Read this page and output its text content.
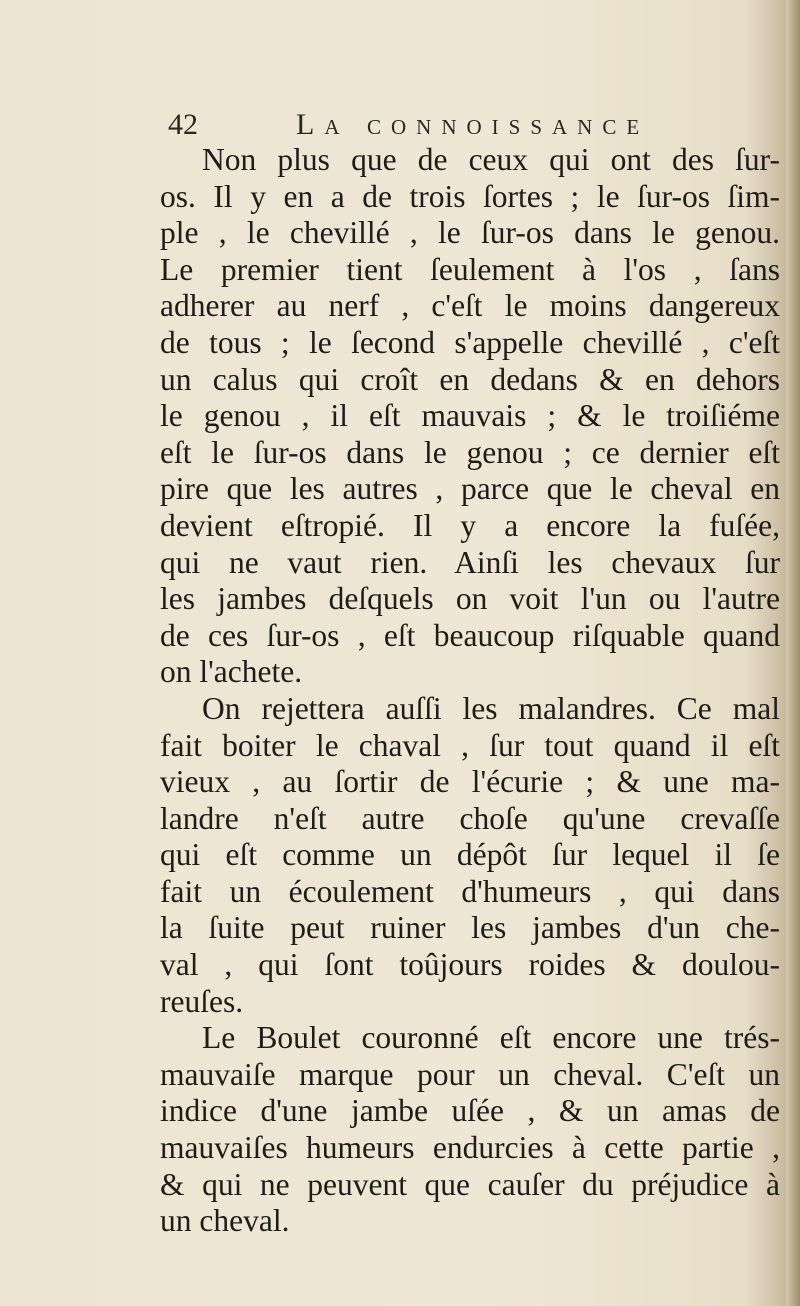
42	La connoissance
Non plus que de ceux qui ont des ſur-
os. Il y en a de trois ſortes ; le ſur-os ſim-
ple , le chevillé , le ſur-os dans le genou.
Le premier tient ſeulement à l'os , ſans
adherer au nerf , c'eſt le moins dangereux
de tous ; le ſecond s'appelle chevillé , c'eſt
un calus qui croît en dedans & en dehors
le genou , il eſt mauvais ; & le troiſiéme
eſt le ſur-os dans le genou ; ce dernier eſt
pire que les autres , parce que le cheval en
devient eſtropié. Il y a encore la fuſée,
qui ne vaut rien. Ainſi les chevaux ſur
les jambes deſquels on voit l'un ou l'autre
de ces ſur-os , eſt beaucoup riſquable quand
on l'achete.
On rejettera auſſi les malandres. Ce mal
fait boiter le chaval , ſur tout quand il eſt
vieux , au ſortir de l'écurie ; & une ma-
landre n'eſt autre choſe qu'une crevaſſe
qui eſt comme un dépôt ſur lequel il ſe
fait un écoulement d'humeurs , qui dans
la ſuite peut ruiner les jambes d'un che-
val , qui ſont toûjours roides & doulou-
reuſes.
Le Boulet couronné eſt encore une trés-
mauvaiſe marque pour un cheval. C'eſt un
indice d'une jambe uſée , & un amas de
mauvaiſes humeurs endurcies à cette partie ,
& qui ne peuvent que cauſer du préjudice à
un cheval.
